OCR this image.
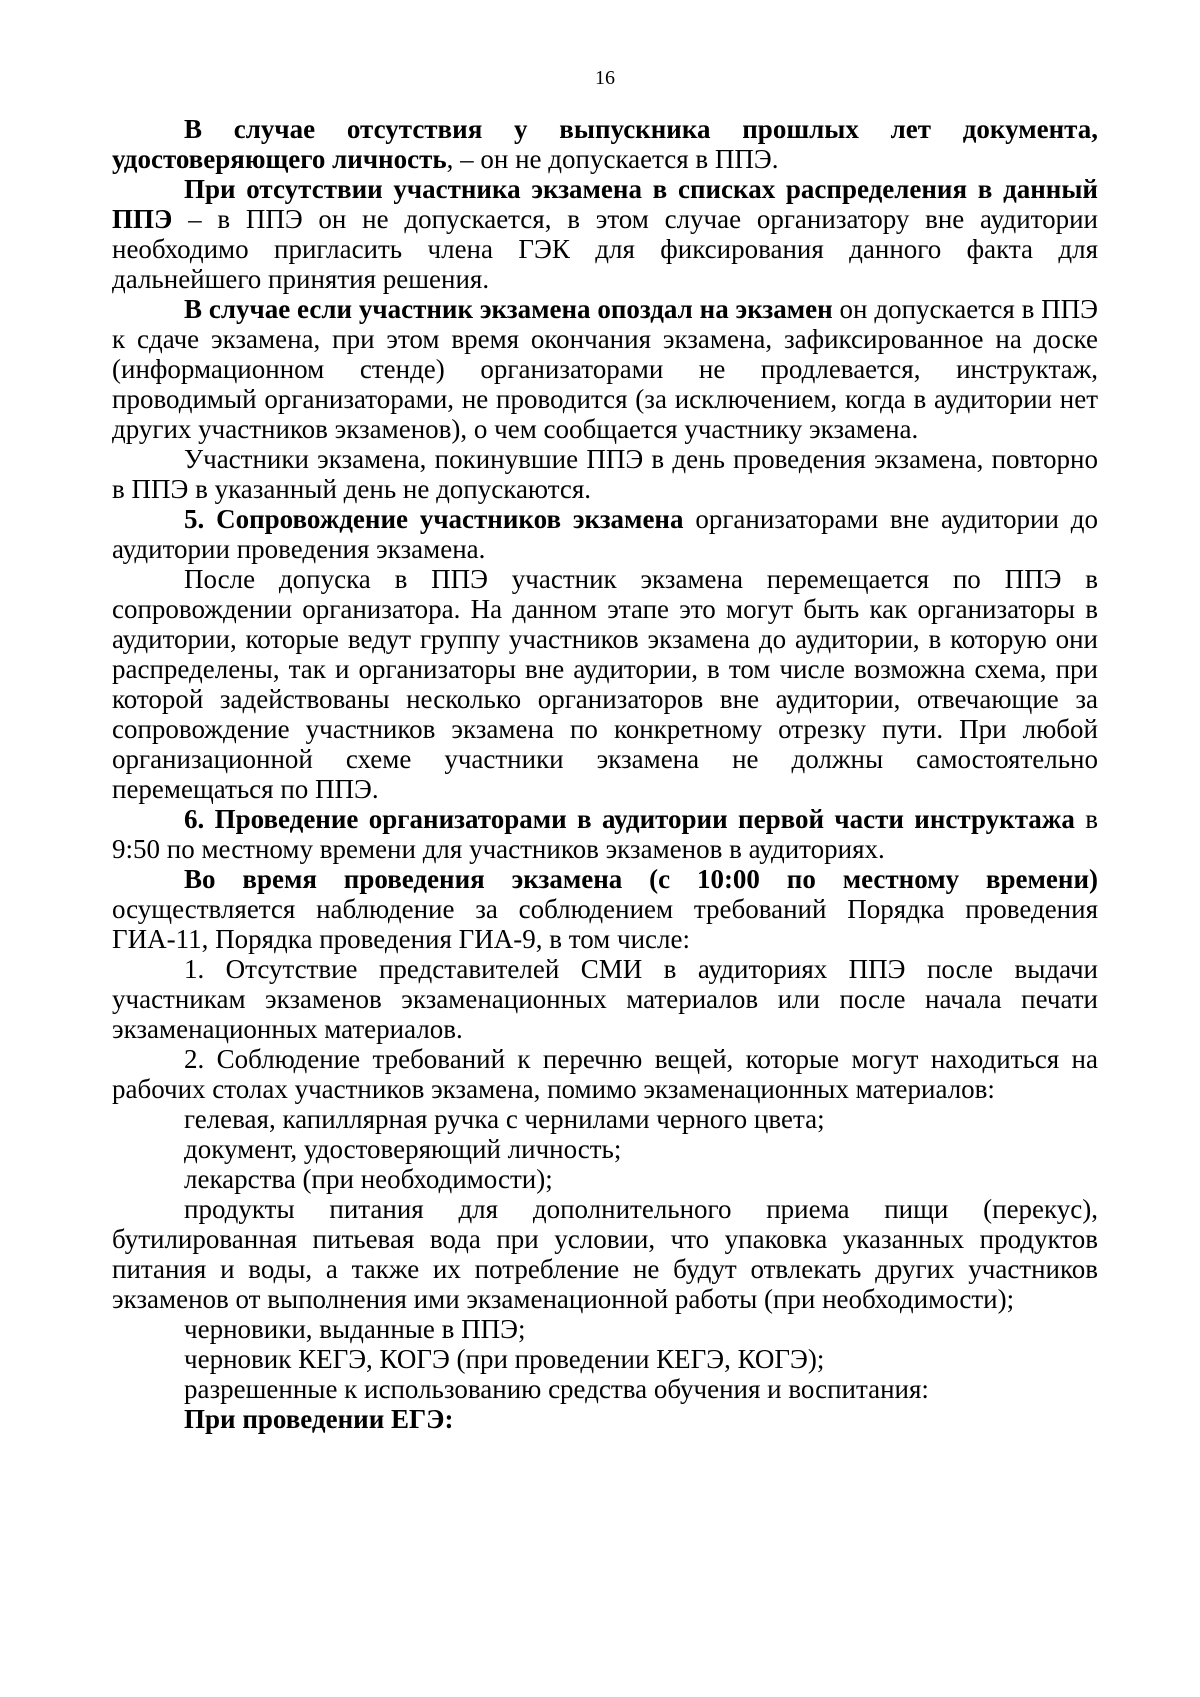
16

В случае отсутствия у выпускника прошлых лет документа, удостоверяющего личность, – он не допускается в ППЭ.

При отсутствии участника экзамена в списках распределения в данный ППЭ – в ППЭ он не допускается, в этом случае организатору вне аудитории необходимо пригласить члена ГЭК для фиксирования данного факта для дальнейшего принятия решения.

В случае если участник экзамена опоздал на экзамен он допускается в ППЭ к сдаче экзамена, при этом время окончания экзамена, зафиксированное на доске (информационном стенде) организаторами не продлевается, инструктаж, проводимый организаторами, не проводится (за исключением, когда в аудитории нет других участников экзаменов), о чем сообщается участнику экзамена.

Участники экзамена, покинувшие ППЭ в день проведения экзамена, повторно в ППЭ в указанный день не допускаются.

5. Сопровождение участников экзамена организаторами вне аудитории до аудитории проведения экзамена.

После допуска в ППЭ участник экзамена перемещается по ППЭ в сопровождении организатора. На данном этапе это могут быть как организаторы в аудитории, которые ведут группу участников экзамена до аудитории, в которую они распределены, так и организаторы вне аудитории, в том числе возможна схема, при которой задействованы несколько организаторов вне аудитории, отвечающие за сопровождение участников экзамена по конкретному отрезку пути. При любой организационной схеме участники экзамена не должны самостоятельно перемещаться по ППЭ.

6. Проведение организаторами в аудитории первой части инструктажа в 9:50 по местному времени для участников экзаменов в аудиториях.

Во время проведения экзамена (с 10:00 по местному времени) осуществляется наблюдение за соблюдением требований Порядка проведения ГИА-11, Порядка проведения ГИА-9, в том числе:

1. Отсутствие представителей СМИ в аудиториях ППЭ после выдачи участникам экзаменов экзаменационных материалов или после начала печати экзаменационных материалов.

2. Соблюдение требований к перечню вещей, которые могут находиться на рабочих столах участников экзамена, помимо экзаменационных материалов:

гелевая, капиллярная ручка с чернилами черного цвета;

документ, удостоверяющий личность;

лекарства (при необходимости);

продукты питания для дополнительного приема пищи (перекус), бутилированная питьевая вода при условии, что упаковка указанных продуктов питания и воды, а также их потребление не будут отвлекать других участников экзаменов от выполнения ими экзаменационной работы (при необходимости);

черновики, выданные в ППЭ;

черновик КЕГЭ, КОГЭ (при проведении КЕГЭ, КОГЭ);

разрешенные к использованию средства обучения и воспитания:

При проведении ЕГЭ:
